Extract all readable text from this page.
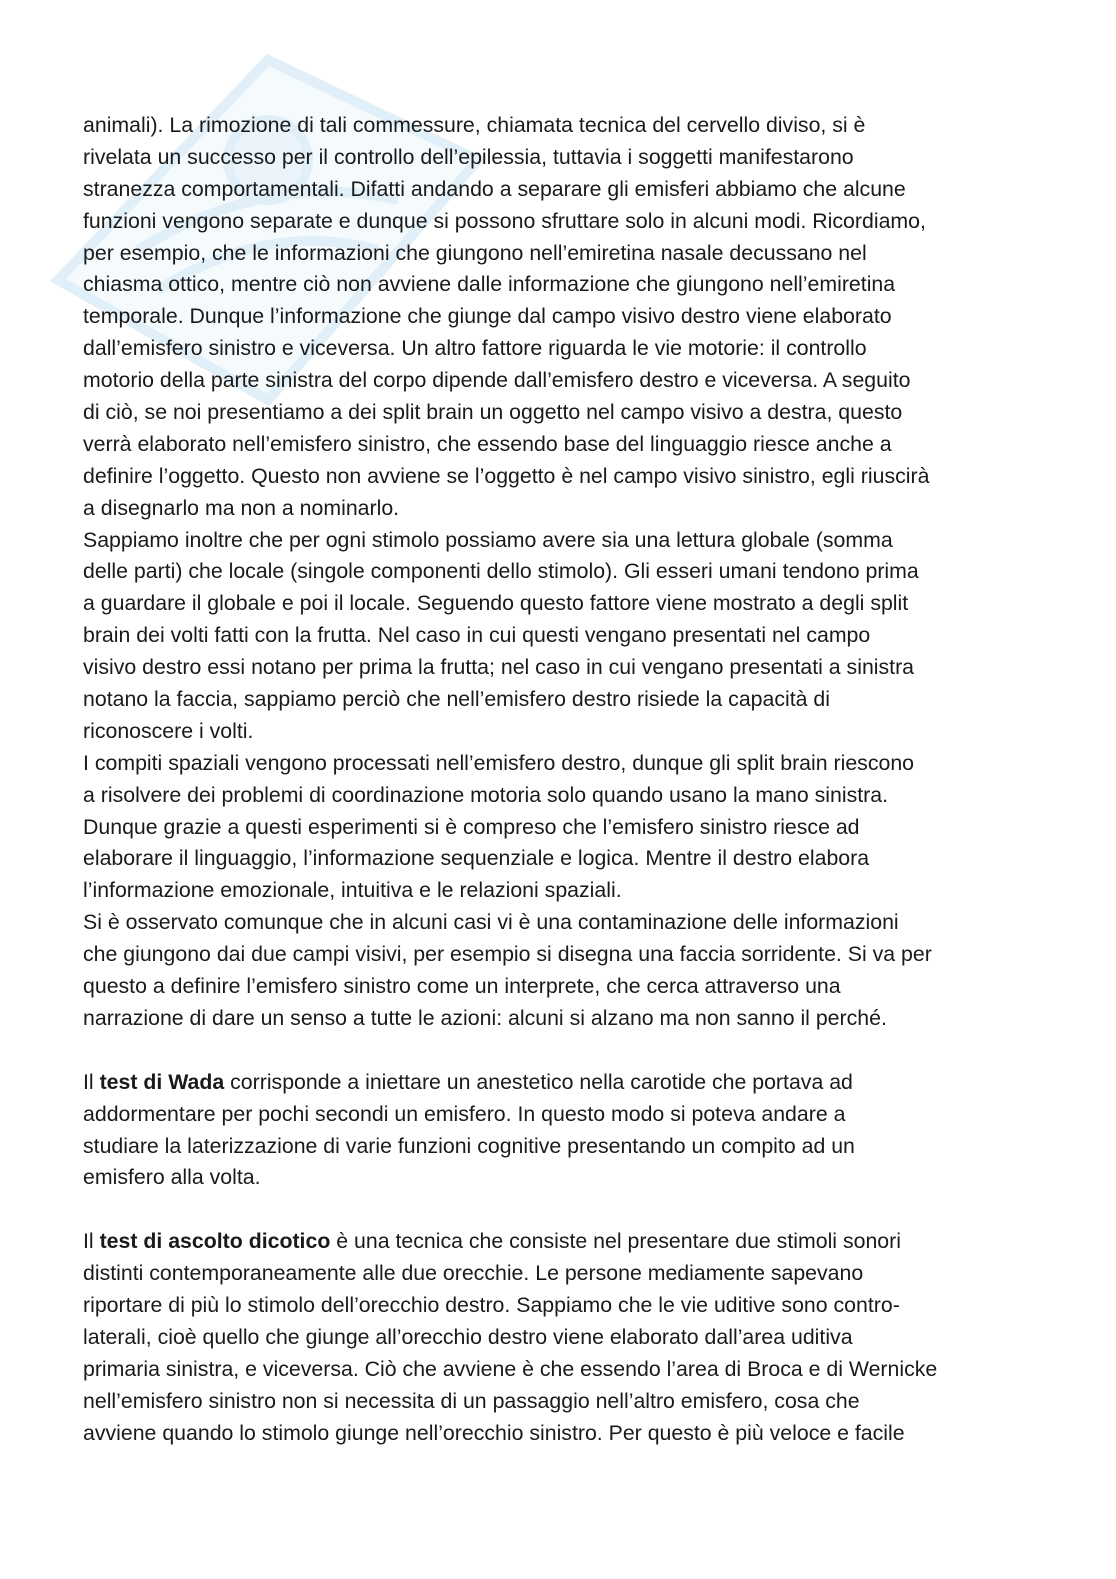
animali). La rimozione di tali commessure, chiamata tecnica del cervello diviso, si è
rivelata un successo per il controllo dell’epilessia, tuttavia i soggetti manifestarono
stranezza comportamentali. Difatti andando a separare gli emisferi abbiamo che alcune
funzioni vengono separate e dunque si possono sfruttare solo in alcuni modi. Ricordiamo,
per esempio, che le informazioni che giungono nell’emiretina nasale decussano nel
chiasma ottico, mentre ciò non avviene dalle informazione che giungono nell’emiretina
temporale. Dunque l’informazione che giunge dal campo visivo destro viene elaborato
dall’emisfero sinistro e viceversa. Un altro fattore riguarda le vie motorie: il controllo
motorio della parte sinistra del corpo dipende dall’emisfero destro e viceversa. A seguito
di ciò, se noi presentiamo a dei split brain un oggetto nel campo visivo a destra, questo
verrà elaborato nell’emisfero sinistro, che essendo base del linguaggio riesce anche a
definire l’oggetto. Questo non avviene se l’oggetto è nel campo visivo sinistro, egli riuscirà
a disegnarlo ma non a nominarlo.
Sappiamo inoltre che per ogni stimolo possiamo avere sia una lettura globale (somma
delle parti) che locale (singole componenti dello stimolo). Gli esseri umani tendono prima
a guardare il globale e poi il locale. Seguendo questo fattore viene mostrato a degli split
brain dei volti fatti con la frutta. Nel caso in cui questi vengano presentati nel campo
visivo destro essi notano per prima la frutta; nel caso in cui vengano presentati a sinistra
notano la faccia, sappiamo perciò che nell’emisfero destro risiede la capacità di
riconoscere i volti.
I compiti spaziali vengono processati nell’emisfero destro, dunque gli split brain riescono
a risolvere dei problemi di coordinazione motoria solo quando usano la mano sinistra.
Dunque grazie a questi esperimenti si è compreso che l’emisfero sinistro riesce ad
elaborare il linguaggio, l’informazione sequenziale e logica. Mentre il destro elabora
l’informazione emozionale, intuitiva e le relazioni spaziali.
Si è osservato comunque che in alcuni casi vi è una contaminazione delle informazioni
che giungono dai due campi visivi, per esempio si disegna una faccia sorridente. Si va per
questo a definire l’emisfero sinistro come un interprete, che cerca attraverso una
narrazione di dare un senso a tutte le azioni: alcuni si alzano ma non sanno il perché.
Il test di Wada corrisponde a iniettare un anestetico nella carotide che portava ad
addormentare per pochi secondi un emisfero. In questo modo si poteva andare a
studiare la laterizzazione di varie funzioni cognitive presentando un compito ad un
emisfero alla volta.
Il test di ascolto dicotico è una tecnica che consiste nel presentare due stimoli sonori
distinti contemporaneamente alle due orecchie. Le persone mediamente sapevano
riportare di più lo stimolo dell’orecchio destro. Sappiamo che le vie uditive sono contro-
laterali, cioè quello che giunge all’orecchio destro viene elaborato dall’area uditiva
primaria sinistra, e viceversa. Ciò che avviene è che essendo l’area di Broca e di Wernicke
nell’emisfero sinistro non si necessita di un passaggio nell’altro emisfero, cosa che
avviene quando lo stimolo giunge nell’orecchio sinistro. Per questo è più veloce e facile
